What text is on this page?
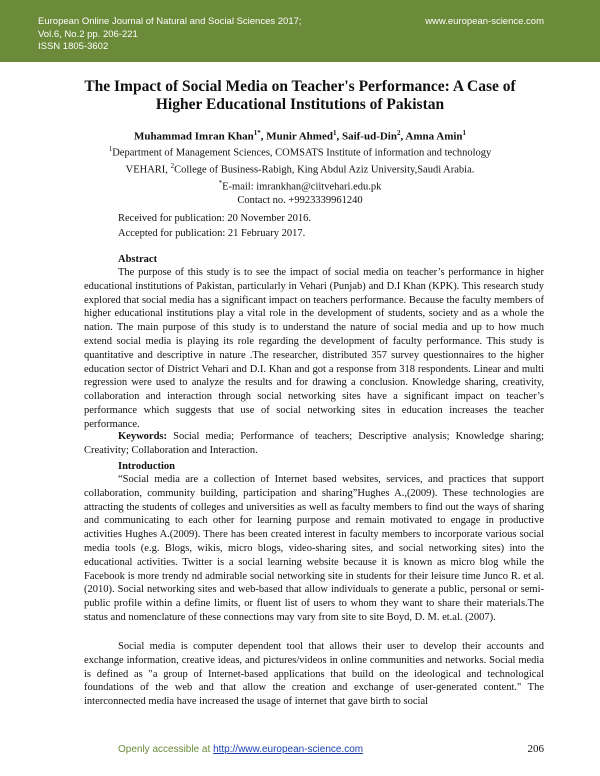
European Online Journal of Natural and Social Sciences 2017;
Vol.6, No.2 pp. 206-221
ISSN 1805-3602
www.european-science.com
The Impact of Social Media on Teacher's Performance: A Case of Higher Educational Institutions of Pakistan
Muhammad Imran Khan$^{1*}$, Munir Ahmed$^1$, Saif-ud-Din$^2$, Amna Amin$^1$
$^1$Department of Management Sciences, COMSATS Institute of information and technology
VEHARI, $^2$College of Business-Rabigh, King Abdul Aziz University,Saudi Arabia.
*E-mail: imrankhan@ciitvehari.edu.pk
Contact no. +9923339961240
Received for publication: 20 November 2016.
Accepted for publication: 21 February 2017.
Abstract
The purpose of this study is to see the impact of social media on teacher’s performance in higher educational institutions of Pakistan, particularly in Vehari (Punjab) and D.I Khan (KPK). This research study explored that social media has a significant impact on teachers performance. Because the faculty members of higher educational institutions play a vital role in the development of students, society and as a whole the nation. The main purpose of this study is to understand the nature of social media and up to how much extend social media is playing its role regarding the development of faculty performance. This study is quantitative and descriptive in nature .The researcher, distributed 357 survey questionnaires to the higher education sector of District Vehari and D.I. Khan and got a response from 318 respondents. Linear and multi regression were used to analyze the results and for drawing a conclusion. Knowledge sharing, creativity, collaboration and interaction through social networking sites have a significant impact on teacher’s performance which suggests that use of social networking sites in education increases the teacher performance.
Keywords: Social media; Performance of teachers; Descriptive analysis; Knowledge sharing; Creativity; Collaboration and Interaction.
Introduction
“Social media are a collection of Internet based websites, services, and practices that support collaboration, community building, participation and sharing”Hughes A.,(2009). These technologies are attracting the students of colleges and universities as well as faculty members to find out the ways of sharing and communicating to each other for learning purpose and remain motivated to engage in productive activities Hughes A.(2009). There has been created interest in faculty members to incorporate various social media tools (e.g. Blogs, wikis, micro blogs, video-sharing sites, and social networking sites) into the educational activities. Twitter is a social learning website because it is known as micro blog while the Facebook is more trendy nd admirable social networking site in students for their leisure time Junco R. et al.(2010). Social networking sites and web-based that allow individuals to generate a public, personal or semi-public profile within a define limits, or fluent list of users to whom they want to share their materials.The status and nomenclature of these connections may vary from site to site Boyd, D. M. et.al. (2007).
Social media is computer dependent tool that allows their user to develop their accounts and exchange information, creative ideas, and pictures/videos in online communities and networks. Social media is defined as "a group of Internet-based applications that build on the ideological and technological foundations of the web and that allow the creation and exchange of user-generated content." The interconnected media have increased the usage of internet that gave birth to social
Openly accessible at http://www.european-science.com	206
